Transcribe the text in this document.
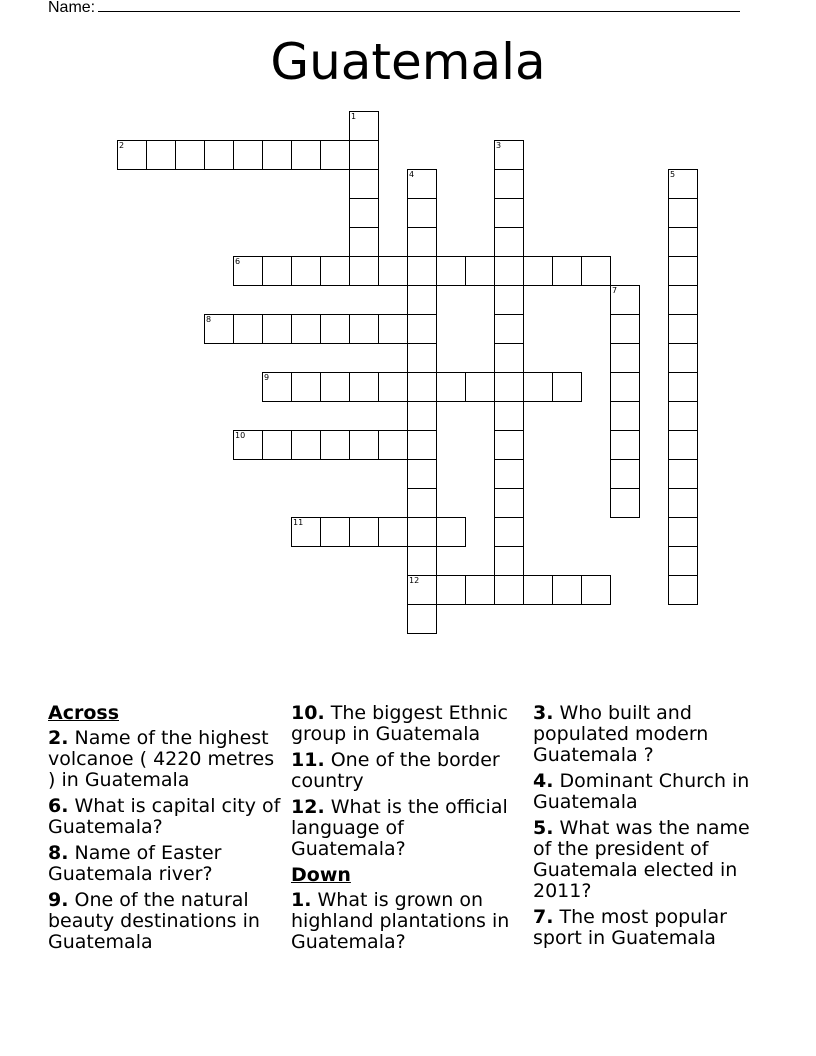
Name:
Guatemala
1
2	3
4
12
5
6
7
8
9
10
11
Across
2. Name of the highest volcanoe ( 4220 metres ) in Guatemala
6. What is capital city of Guatemala?
8. Name of Easter Guatemala river?
9. One of the natural beauty destinations in Guatemala
10. The biggest Ethnic group in Guatemala
11. One of the border country
12. What is the official language of Guatemala?
Down
1. What is grown on highland plantations in Guatemala?
3. Who built and populated modern Guatemala ?
4. Dominant Church in Guatemala
5. What was the name of the president of Guatemala elected in 2011?
7. The most popular sport in Guatemala
